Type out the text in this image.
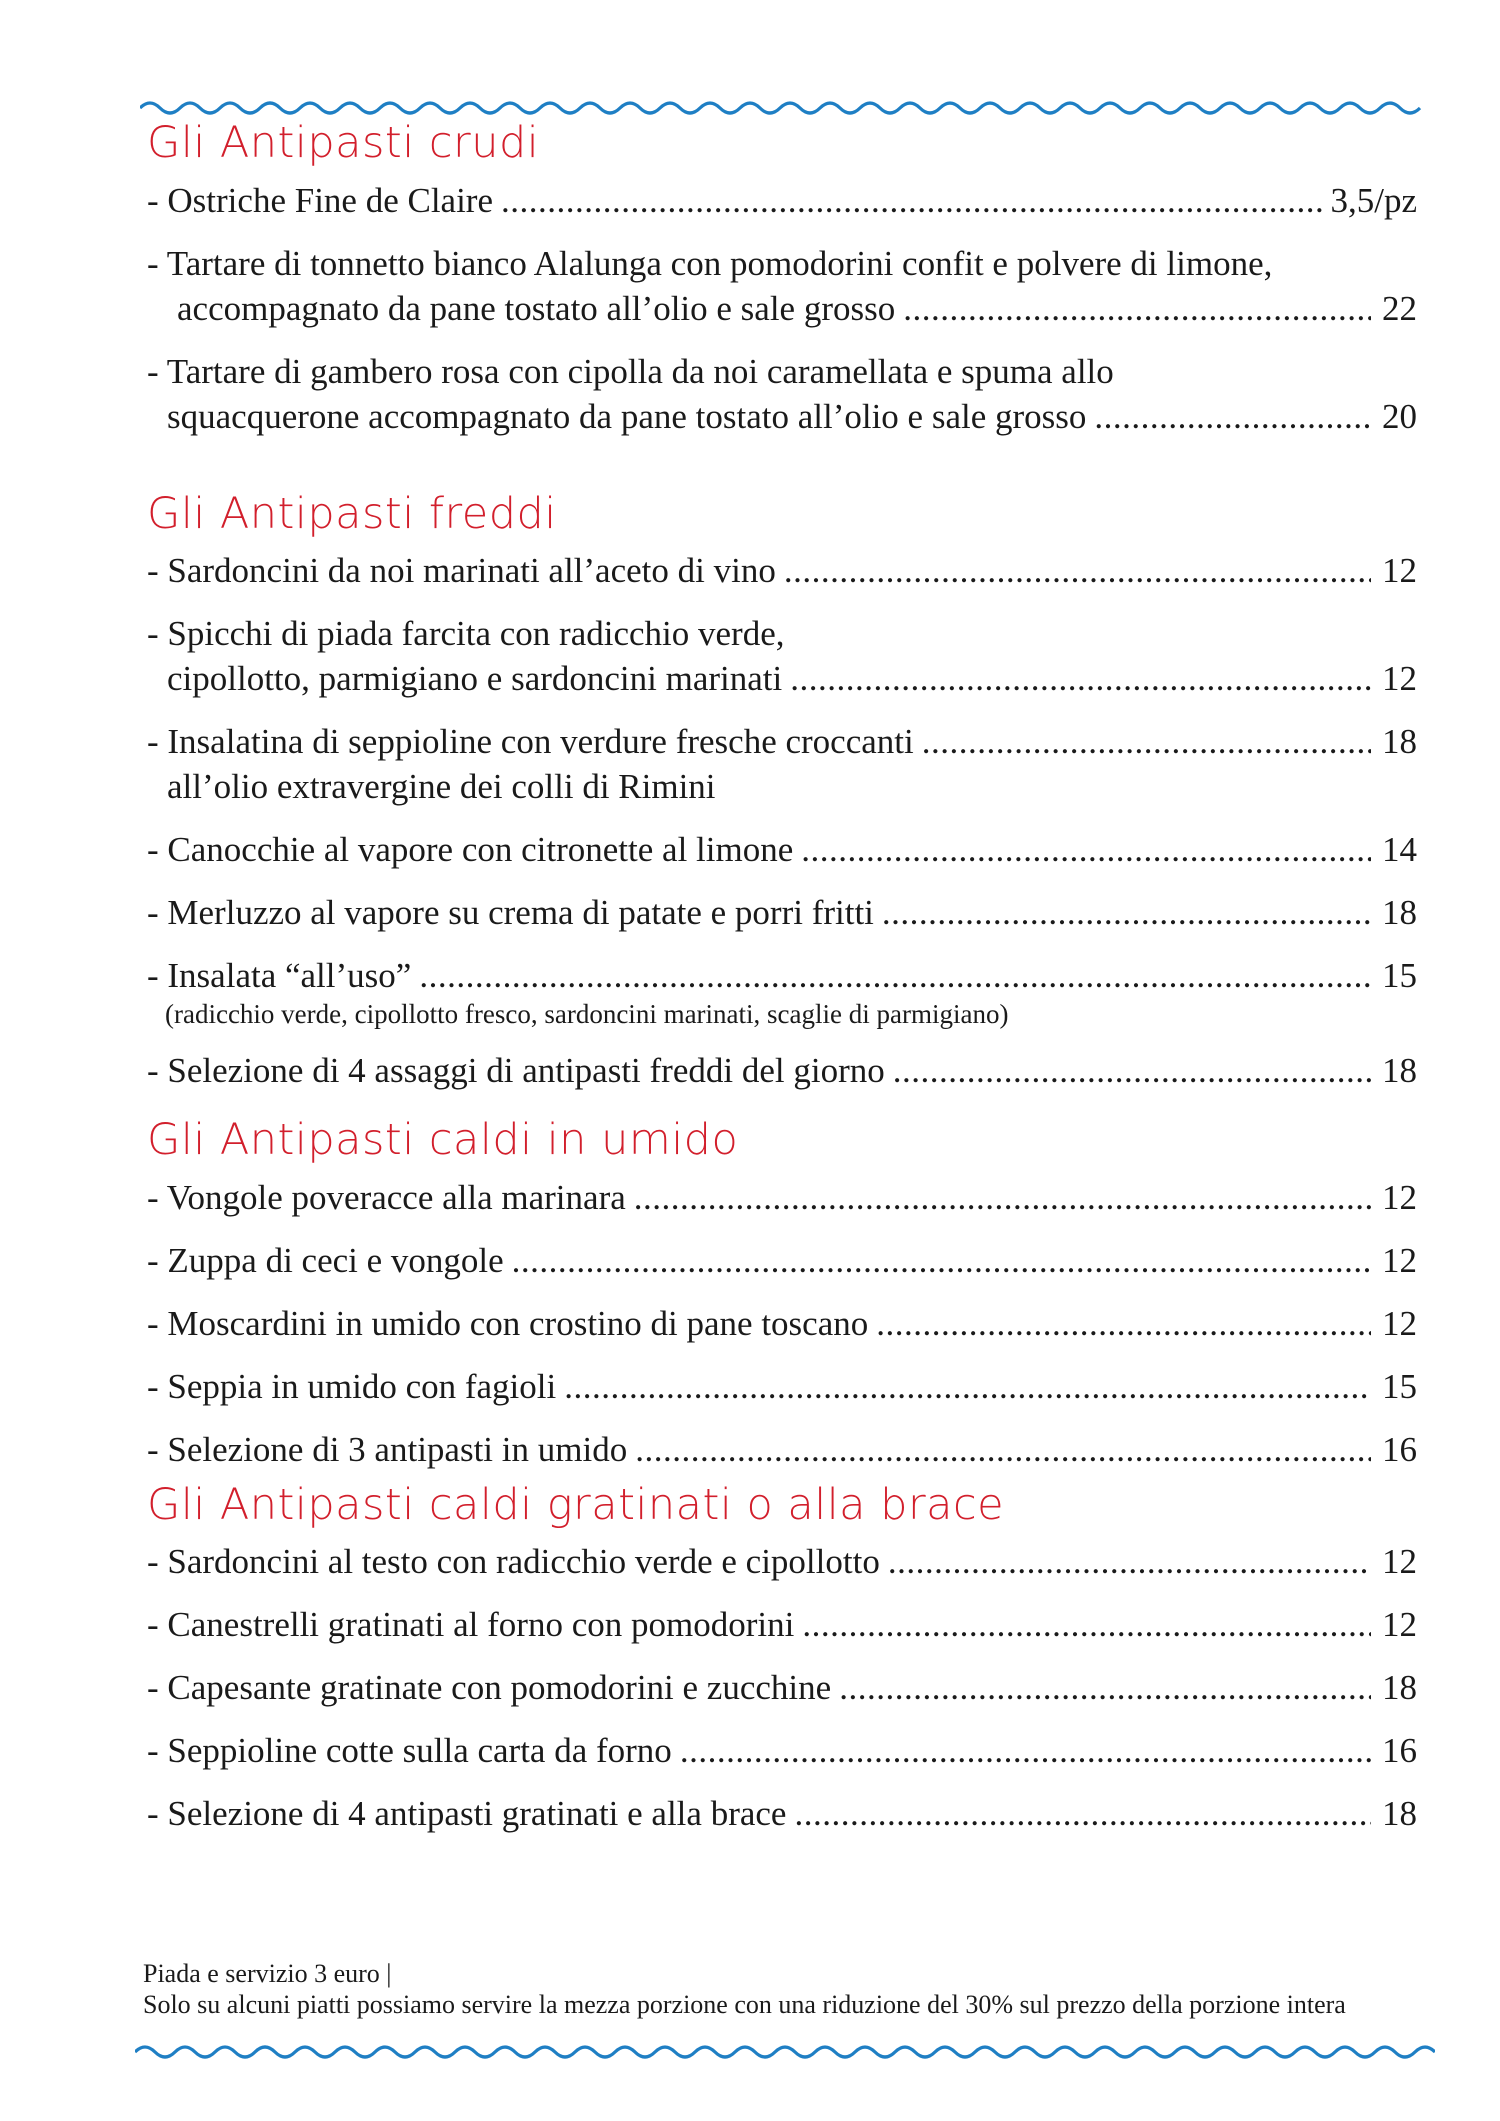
Gli Antipasti crudi
- Ostriche Fine de Claire .....	3,5/pz
- Tartare di tonnetto bianco Alalunga con pomodorini confit e polvere di limone,
accompagnato da pane tostato all’olio e sale grosso .....	22
- Tartare di gambero rosa con cipolla da noi caramellata e spuma allo
squacquerone accompagnato da pane tostato all’olio e sale grosso .....	20
Gli Antipasti freddi
- Sardoncini da noi marinati all’aceto di vino .....	12
- Spicchi di piada farcita con radicchio verde,
cipollotto, parmigiano e sardoncini marinati .....	12
- Insalatina di seppioline con verdure fresche croccanti .....	18
all’olio extravergine dei colli di Rimini
- Canocchie al vapore con citronette al limone .....	14
- Merluzzo al vapore su crema di patate e porri fritti .....	18
- Insalata “all’uso” .....	15
(radicchio verde, cipollotto fresco, sardoncini marinati, scaglie di parmigiano)
- Selezione di 4 assaggi di antipasti freddi del giorno .....	18
Gli Antipasti caldi in umido
- Vongole poveracce alla marinara .....	12
- Zuppa di ceci e vongole .....	12
- Moscardini in umido con crostino di pane toscano .....	12
- Seppia in umido con fagioli .....	15
- Selezione di 3 antipasti in umido .....	16
Gli Antipasti caldi gratinati o alla brace
- Sardoncini al testo con radicchio verde e cipollotto .....	12
- Canestrelli gratinati al forno con pomodorini .....	12
- Capesante gratinate con pomodorini e zucchine .....	18
- Seppioline cotte sulla carta da forno .....	16
- Selezione di 4 antipasti gratinati e alla brace .....	18
Piada e servizio 3 euro |
Solo su alcuni piatti possiamo servire la mezza porzione con una riduzione del 30% sul prezzo della porzione intera
